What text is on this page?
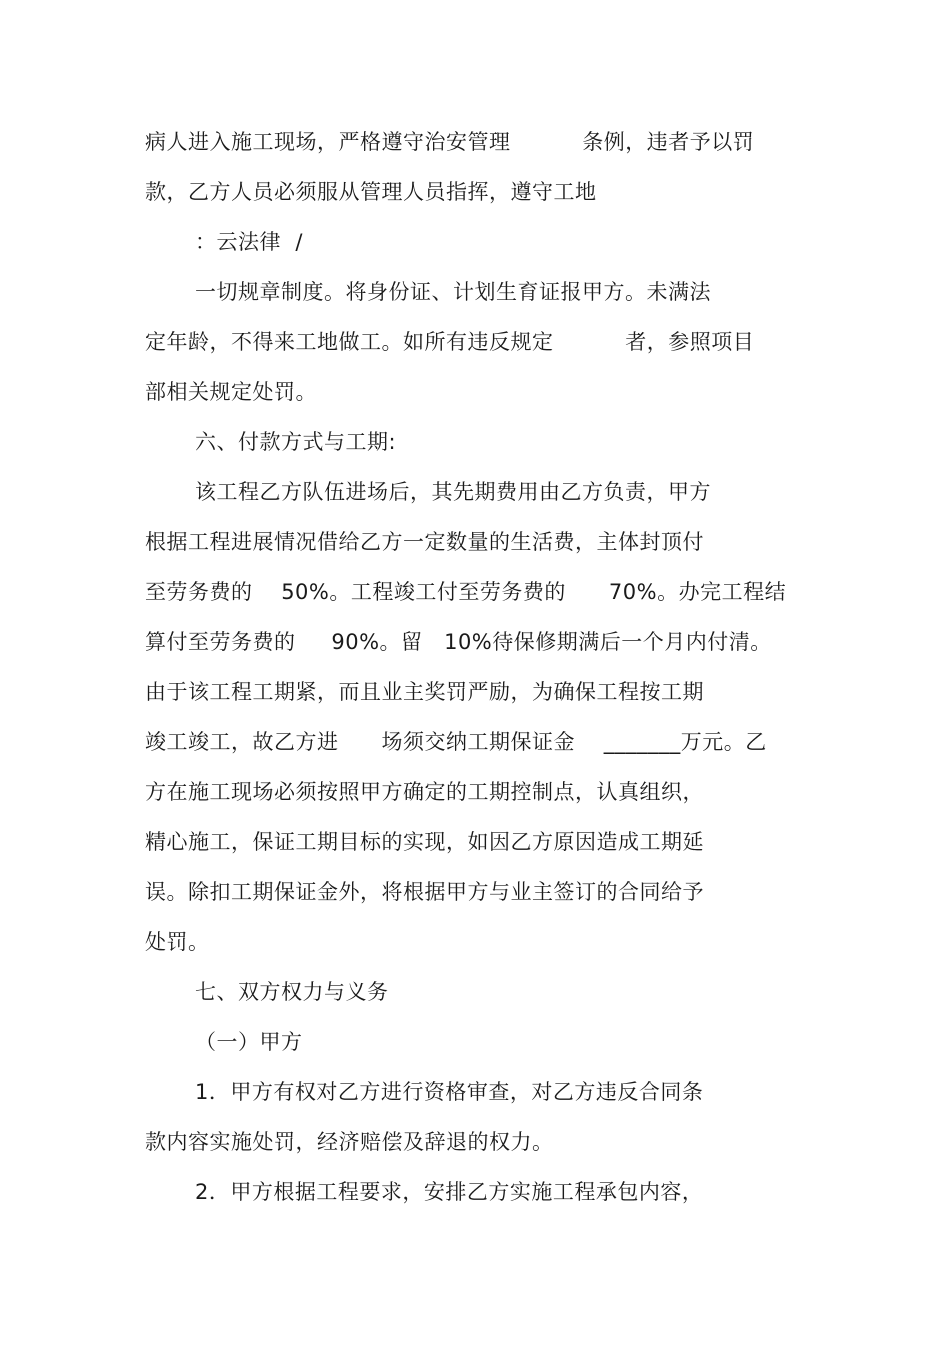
病人进入施工现场，严格遵守治安管理          条例，违者予以罚
款，乙方人员必须服从管理人员指挥，遵守工地
：云法律  /
一切规章制度。将身份证、计划生育证报甲方。未满法
定年龄，不得来工地做工。如所有违反规定          者，参照项目
部相关规定处罚。
六、付款方式与工期:
该工程乙方队伍进场后，其先期费用由乙方负责，甲方
根据工程进展情况借给乙方一定数量的生活费，主体封顶付
至劳务费的    50%。工程竣工付至劳务费的      70%。办完工程结
算付至劳务费的     90%。留   10%待保修期满后一个月内付清。
由于该工程工期紧，而且业主奖罚严励，为确保工程按工期
竣工竣工，故乙方进      场须交纳工期保证金    _______万元。乙
方在施工现场必须按照甲方确定的工期控制点，认真组织，
精心施工，保证工期目标的实现，如因乙方原因造成工期延
误。除扣工期保证金外，将根据甲方与业主签订的合同给予
处罚。
七、双方权力与义务
（一）甲方
1．甲方有权对乙方进行资格审查，对乙方违反合同条
款内容实施处罚，经济赔偿及辞退的权力。
2．甲方根据工程要求，安排乙方实施工程承包内容，
